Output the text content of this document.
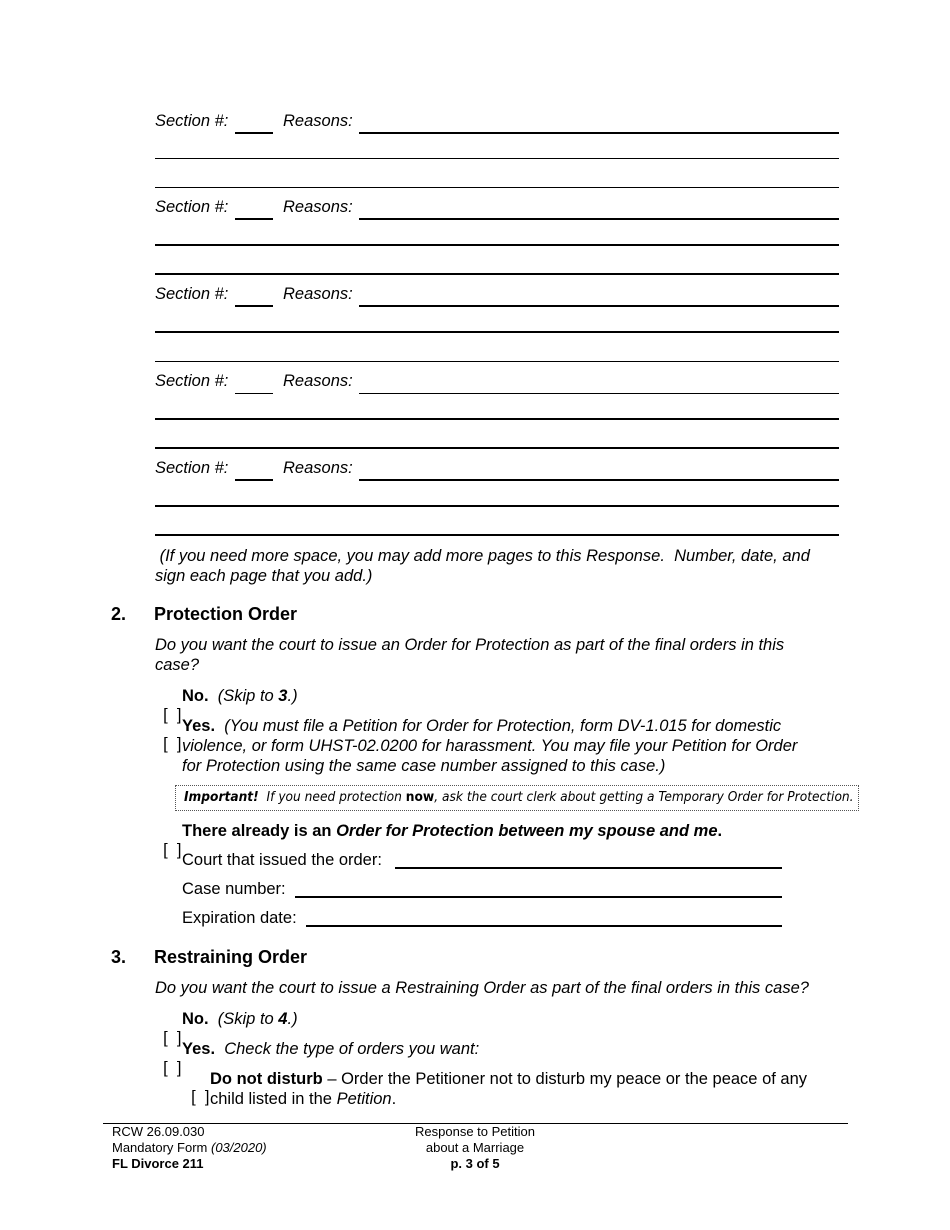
Section #:	Reasons:
Section #:	Reasons:
Section #:	Reasons:
Section #:	Reasons:
Section #:	Reasons:
(If you need more space, you may add more pages to this Response.  Number, date, and
sign each page that you add.)
2. Protection Order
Do you want the court to issue an Order for Protection as part of the final orders in this
case?

[  ]

No. (Skip to 3.)

[  ]

Yes. (You must file a Petition for Order for Protection, form DV-1.015 for domestic
violence, or form UHST-02.0200 for harassment. You may file your Petition for Order
for Protection using the same case number assigned to this case.)
Important!  If you need protection now, ask the court clerk about getting a Temporary Order for Protection.

[  ]

There already is an Order for Protection between my spouse and me.
Court that issued the order:
Case number:
Expiration date:
3. Restraining Order
Do you want the court to issue a Restraining Order as part of the final orders in this case?

[  ]

No. (Skip to 4.)

[  ]

Yes. Check the type of orders you want:

[  ]

Do not disturb – Order the Petitioner not to disturb my peace or the peace of any
child listed in the Petition.
RCW 26.09.030
Mandatory Form (03/2020)
FL Divorce 211
Response to Petition
about a Marriage
p. 3 of 5
